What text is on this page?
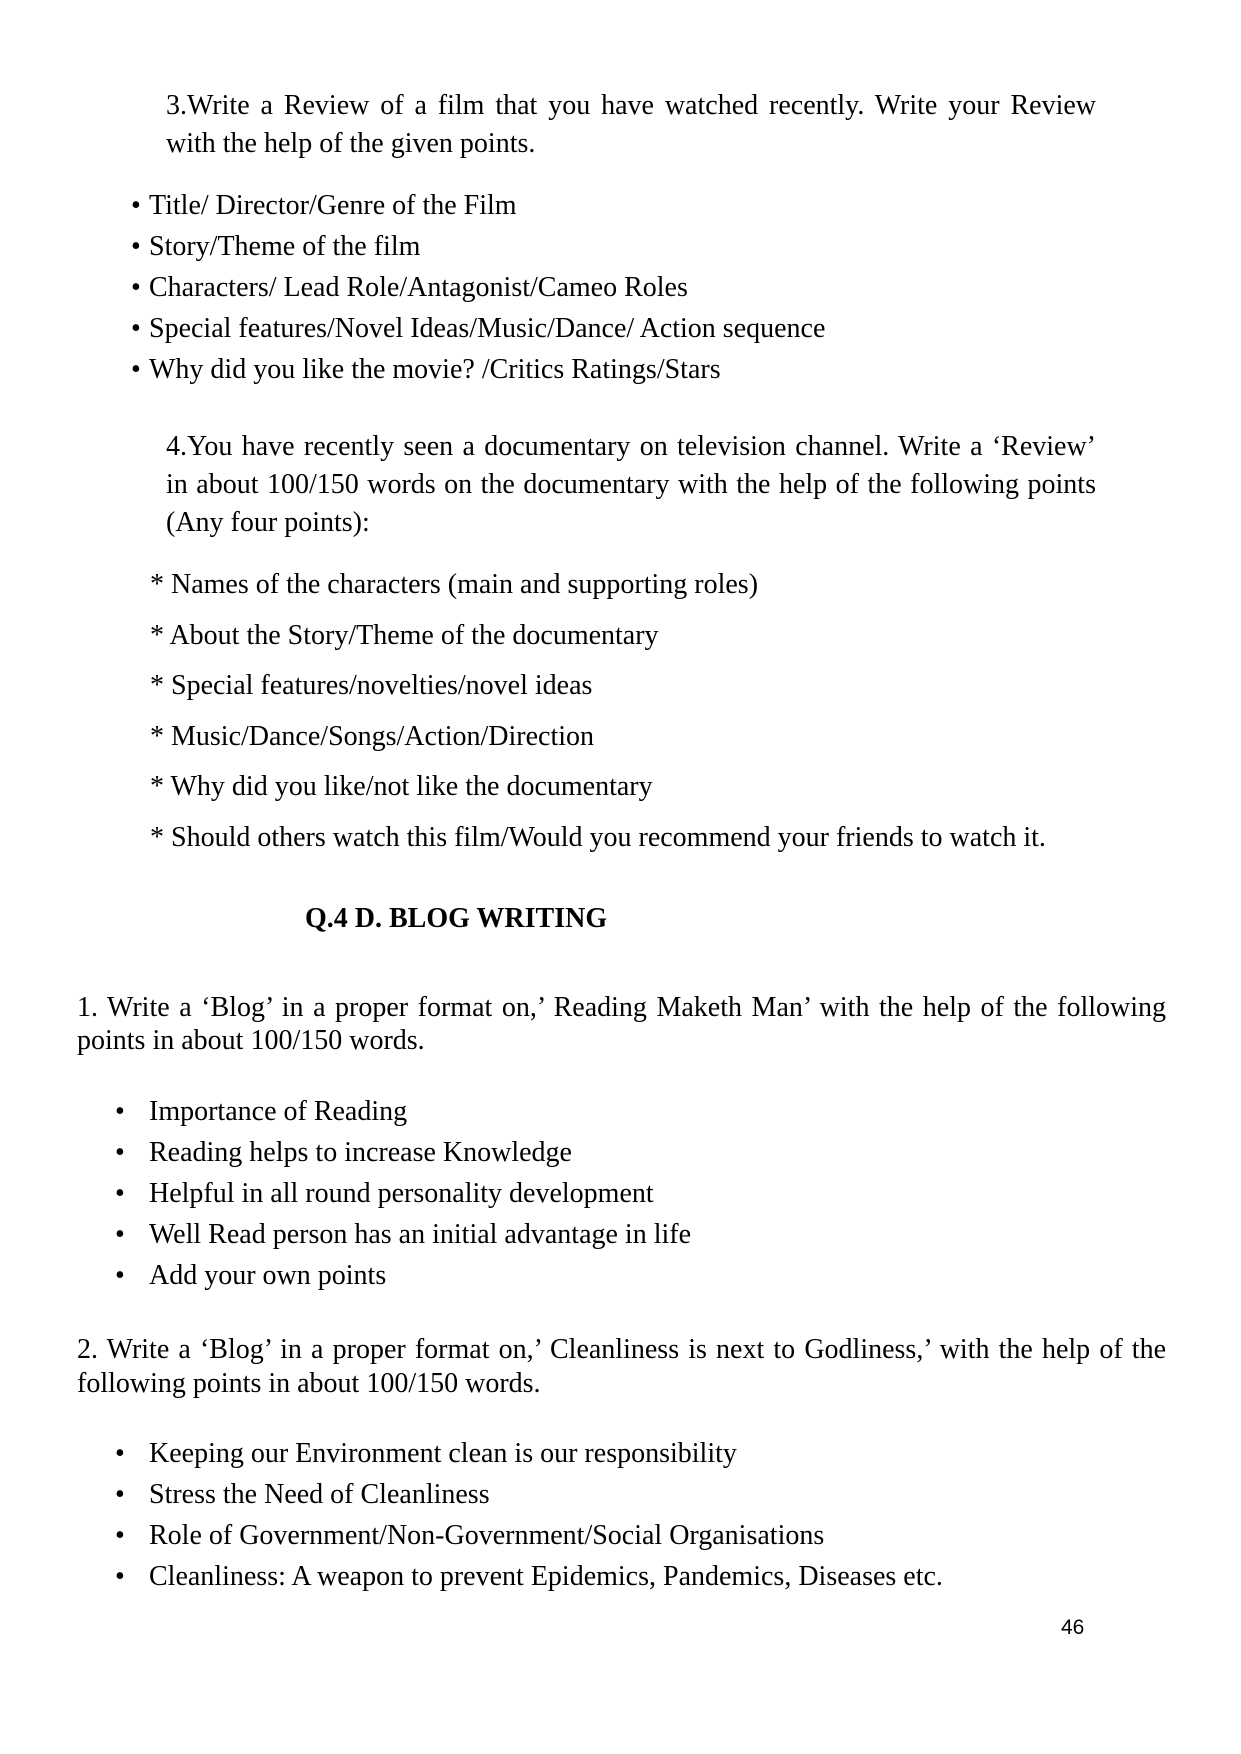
3.Write a Review of a film that you have watched recently. Write your Review with the help of the given points.

• Title/ Director/Genre of the Film
• Story/Theme of the film
• Characters/ Lead Role/Antagonist/Cameo Roles
• Special features/Novel Ideas/Music/Dance/ Action sequence
• Why did you like the movie? /Critics Ratings/Stars

4.You have recently seen a documentary on television channel. Write a ‘Review’ in about 100/150 words on the documentary with the help of the following points (Any four points):

* Names of the characters (main and supporting roles)
* About the Story/Theme of the documentary
* Special features/novelties/novel ideas
* Music/Dance/Songs/Action/Direction
* Why did you like/not like the documentary
* Should others watch this film/Would you recommend your friends to watch it.
Q.4 D. BLOG WRITING

1. Write a ‘Blog’ in a proper format on,’ Reading Maketh Man’ with the help of the following points in about 100/150 words.

• Importance of Reading
• Reading helps to increase Knowledge
• Helpful in all round personality development
• Well Read person has an initial advantage in life
• Add your own points

2. Write a ‘Blog’ in a proper format on,’ Cleanliness is next to Godliness,’ with the help of the following points in about 100/150 words.

• Keeping our Environment clean is our responsibility
• Stress the Need of Cleanliness
• Role of Government/Non-Government/Social Organisations
• Cleanliness: A weapon to prevent Epidemics, Pandemics, Diseases etc.
46
